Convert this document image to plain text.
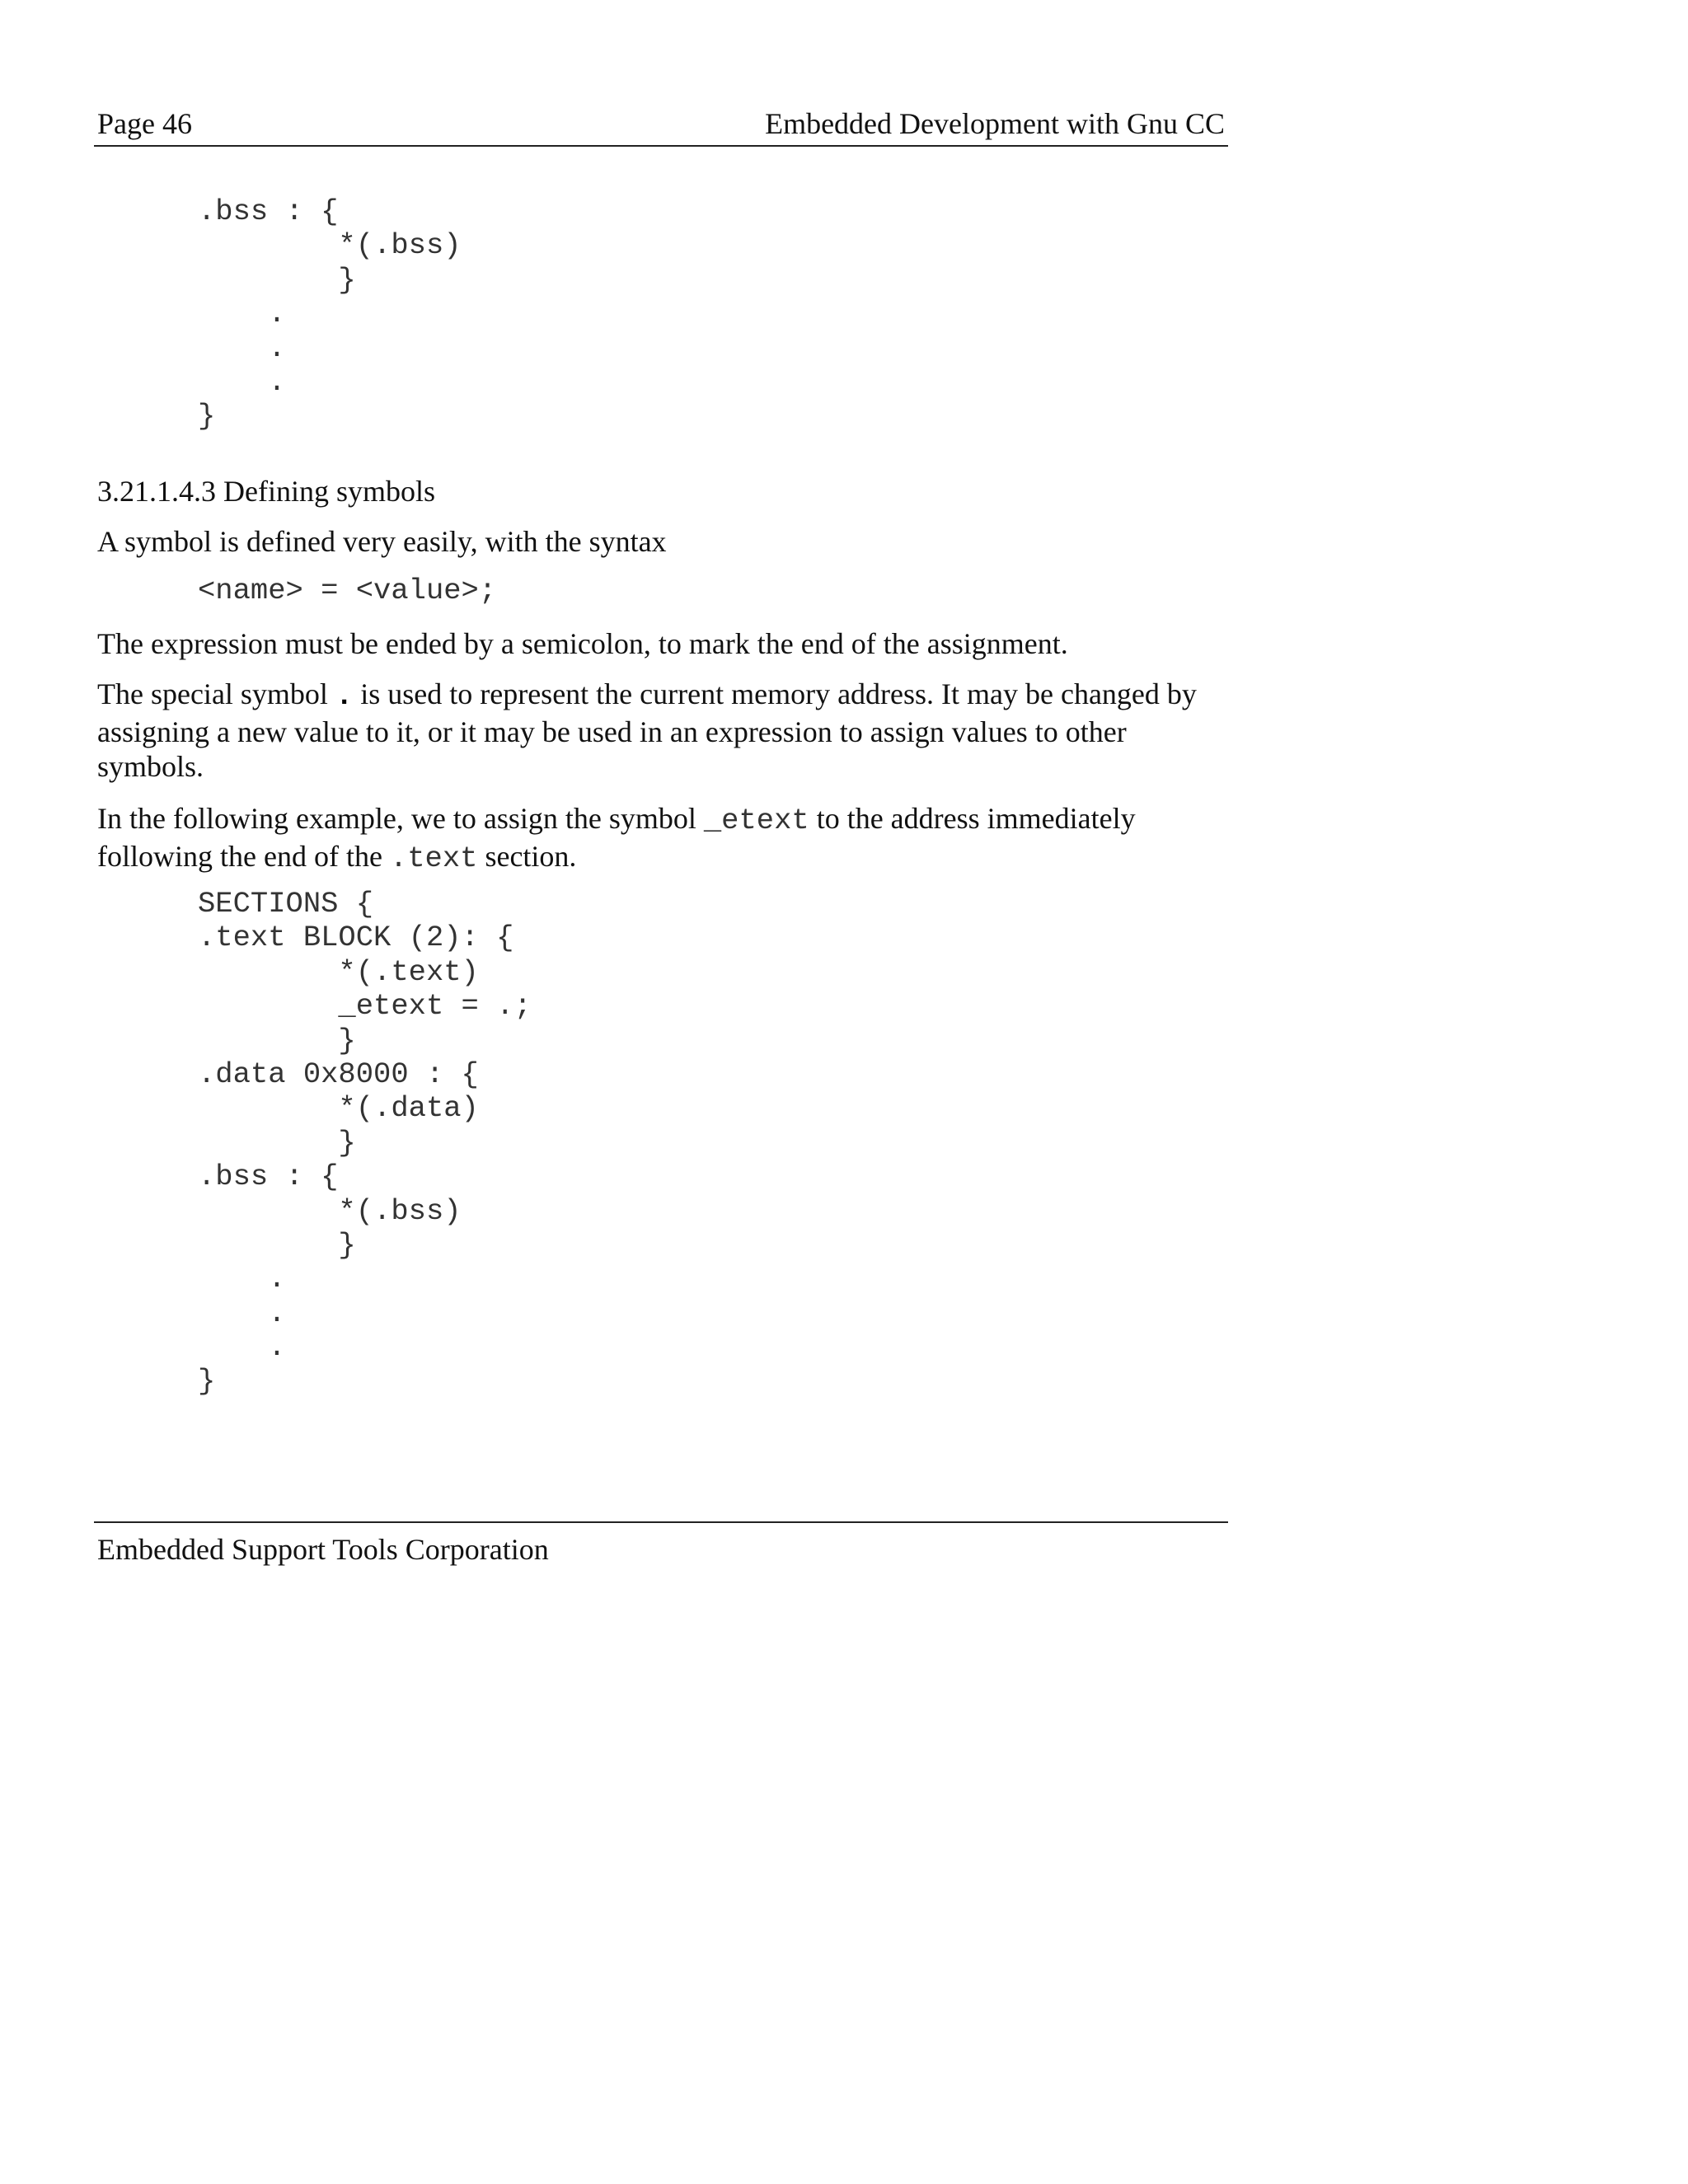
Page 46	Embedded Development with Gnu CC
.bss : {
*(.bss)
}
.
.
.
}

3.21.1.4.3 Defining symbols

A symbol is defined very easily, with the syntax

<name> = <value>;

The expression must be ended by a semicolon, to mark the end of the assignment.

The special symbol . is used to represent the current memory address. It may be changed by assigning a new value to it, or it may be used in an expression to assign values to other symbols.

In the following example, we to assign the symbol _etext to the address immediately following the end of the .text section.

SECTIONS {
.text BLOCK (2): {
*(.text)
_etext = .;
}
.data 0x8000 : {
*(.data)
}
.bss : {
*(.bss)
}
.
.
.
}
Embedded Support Tools Corporation
